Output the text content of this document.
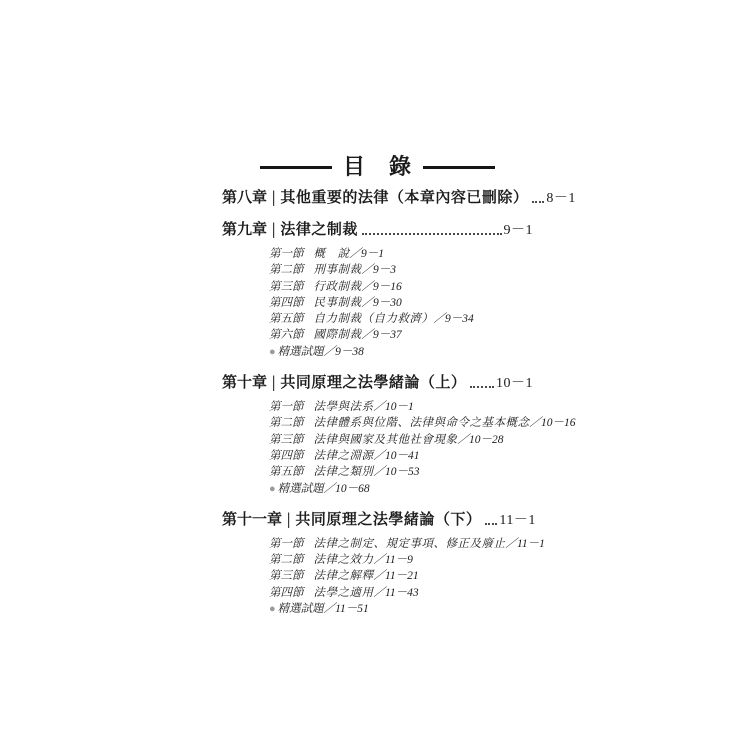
目　錄
第八章 | 其他重要的法律（本章內容已刪除） 8－1
第九章 | 法律之制裁	9－1
第一節 概　說／9－1
第二節 刑事制裁／9－3
第三節 行政制裁／9－16
第四節 民事制裁／9－30
第五節 自力制裁（自力救濟）／9－34
第六節 國際制裁／9－37
● 精選試題／9－38
第十章 | 共同原理之法學緒論（上） 10－1
第一節 法學與法系／10－1
第二節 法律體系與位階、法律與命令之基本概念／10－16
第三節 法律與國家及其他社會現象／10－28
第四節 法律之淵源／10－41
第五節 法律之類別／10－53
● 精選試題／10－68
第十一章 | 共同原理之法學緒論（下） 11－1
第一節 法律之制定、規定事項、修正及廢止／11－1
第二節 法律之效力／11－9
第三節 法律之解釋／11－21
第四節 法學之適用／11－43
● 精選試題／11－51
